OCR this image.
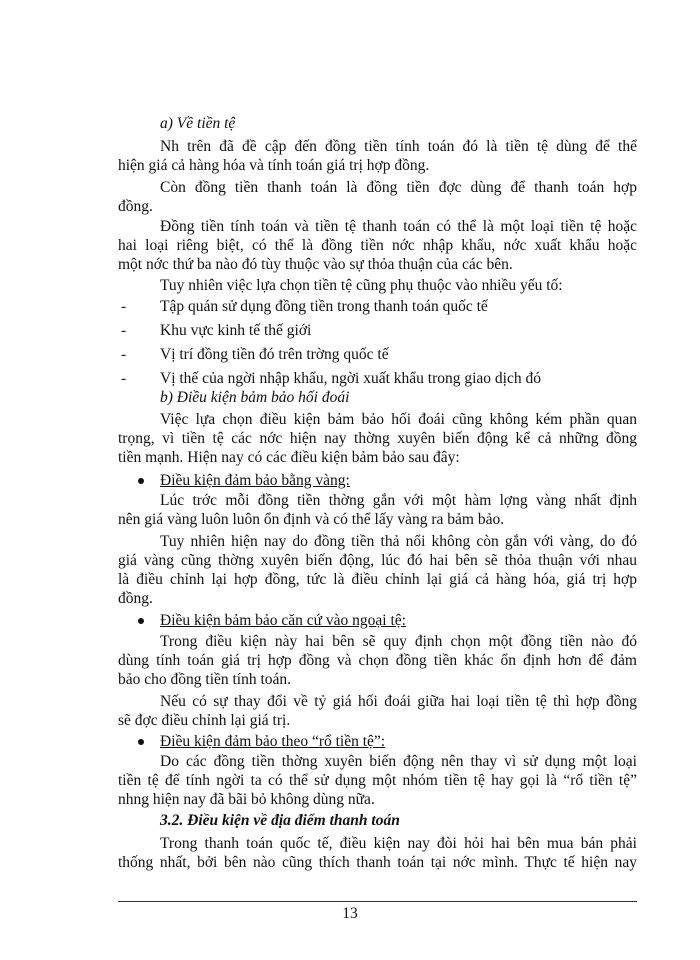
a) Về tiền tệ
Nh trên đã đề cập đến đồng tiền tính toán đó là tiền tệ dùng để thể
hiện giá cả hàng hóa và tính toán giá trị hợp đồng.
Còn đồng tiền thanh toán là đồng tiền đợc dùng để thanh toán hợp
đồng.
Đồng tiền tính toán và tiền tệ thanh toán có thể là một loại tiền tệ hoặc
hai loại riêng biệt, có thể là đồng tiền nớc nhập khẩu, nớc xuất khẩu hoặc
một nớc thứ ba nào đó tùy thuộc vào sự thỏa thuận của các bên.
Tuy nhiên việc lựa chọn tiền tệ cũng phụ thuộc vào nhiều yếu tố:
- Tập quán sử dụng đồng tiền trong thanh toán quốc tế
- Khu vực kinh tế thế giới
- Vị trí đồng tiền đó trên trờng quốc tế
- Vị thế của ngời nhập khẩu, ngời xuất khẩu trong giao dịch đó
b) Điều kiện bảm bảo hối đoái
Việc lựa chọn điều kiện bảm bảo hối đoái cũng không kém phần quan
trọng, vì tiền tệ các nớc hiện nay thờng xuyên biến động kể cả những đồng
tiền mạnh. Hiện nay có các điều kiện bảm bảo sau đây:
Điều kiện đảm bảo bằng vàng:
Lúc trớc mỗi đồng tiền thờng gắn với một hàm lợng vàng nhất định
nên giá vàng luôn luôn ổn định và có thể lấy vàng ra bảm bảo.
Tuy nhiên hiện nay do đồng tiền thả nổi không còn gắn với vàng, do đó
giá vàng cũng thờng xuyên biến động, lúc đó hai bên sẽ thỏa thuận với nhau
là điều chỉnh lại hợp đồng, tức là điều chỉnh lại giá cả hàng hóa, giá trị hợp
đồng.
Điều kiện bảm bảo căn cứ vào ngoại tệ:
Trong điều kiện này hai bên sẽ quy định chọn một đồng tiền nào đó
dùng tính toán giá trị hợp đồng và chọn đồng tiền khác ổn định hơn để đảm
bảo cho đồng tiền tính toán.
Nếu có sự thay đổi về tỷ giá hối đoái giữa hai loại tiền tệ thì hợp đồng
sẽ đợc điều chỉnh lại giá trị.
Điều kiện đảm bảo theo “rổ tiền tệ”:
Do các đồng tiền thờng xuyên biến động nên thay vì sử dụng một loại
tiền tệ để tính ngời ta có thể sử dụng một nhóm tiền tệ hay gọi là “rổ tiền tệ”
nhng hiện nay đã bãi bỏ không dùng nữa.
3.2. Điều kiện về địa điểm thanh toán
Trong thanh toán quốc tế, điều kiện nay đòi hỏi hai bên mua bán phải
thống nhất, bởi bên nào cũng thích thanh toán tại nớc mình. Thực tế hiện nay
13
